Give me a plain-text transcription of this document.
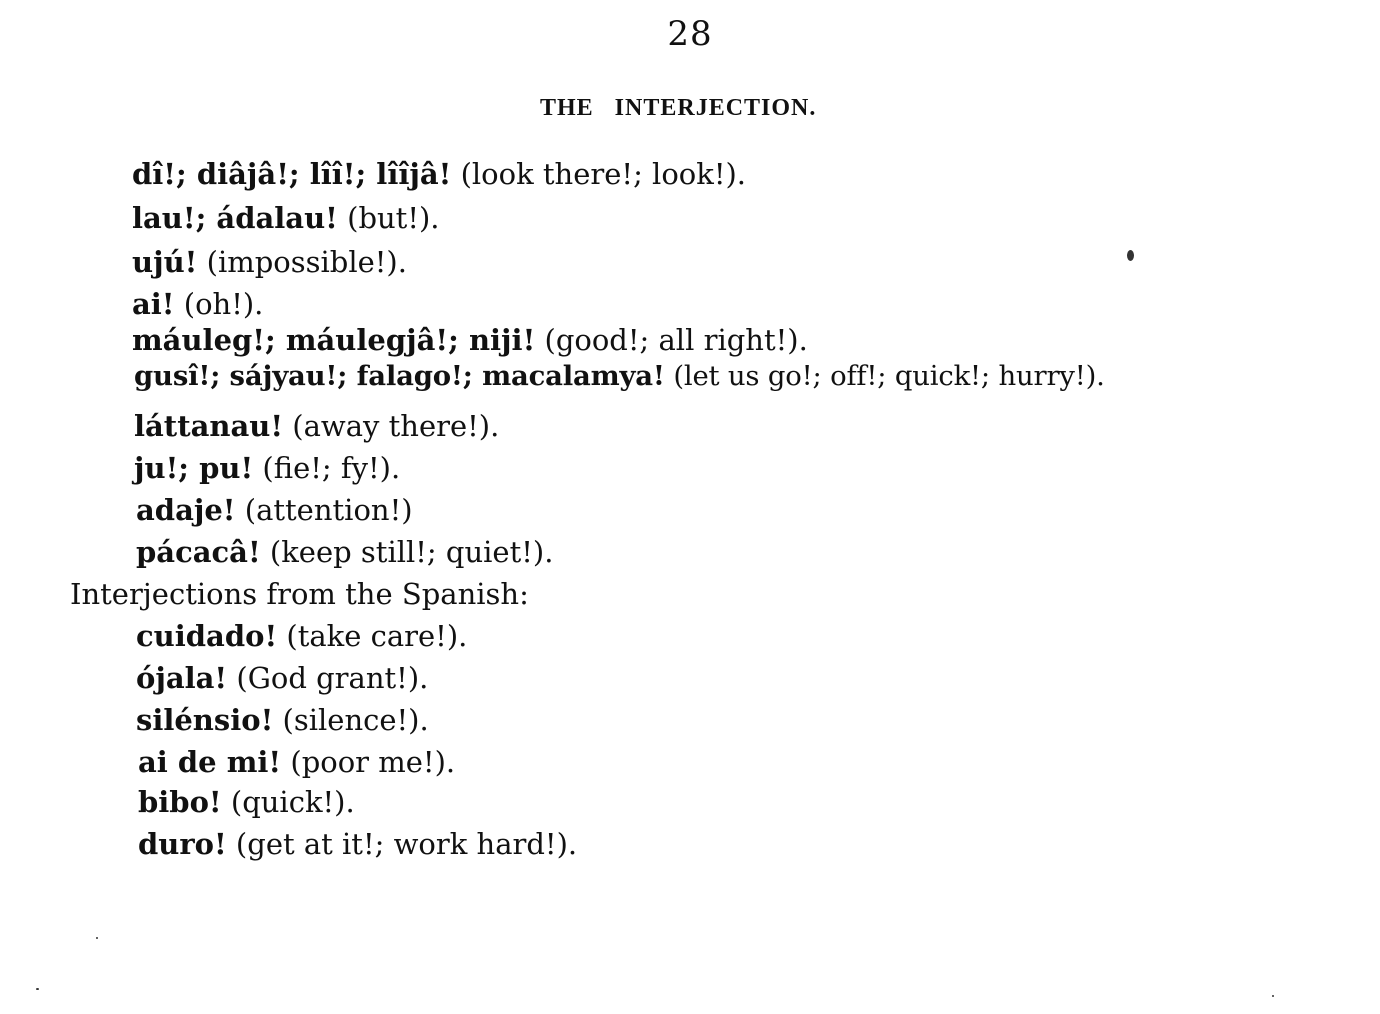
28
THE INTERJECTION.
dî!; diâjâ!; lîî!; lîîjâ! (look there!; look!).
lau!; ádalau! (but!).
ujú! (impossible!).
ai! (oh!).
máuleg!; máulegjâ!; niji! (good!; all right!).
gusî!; sájyau!; falago!; macalamya! (let us go!; off!; quick!; hurry!).
láttanau! (away there!).
ju!; pu! (fie!; fy!).
adaje! (attention!)
pácacâ! (keep still!; quiet!).
Interjections from the Spanish:
cuidado! (take care!).
ójala! (God grant!).
silénsio! (silence!).
ai de mi! (poor me!).
bibo! (quick!).
duro! (get at it!; work hard!).
